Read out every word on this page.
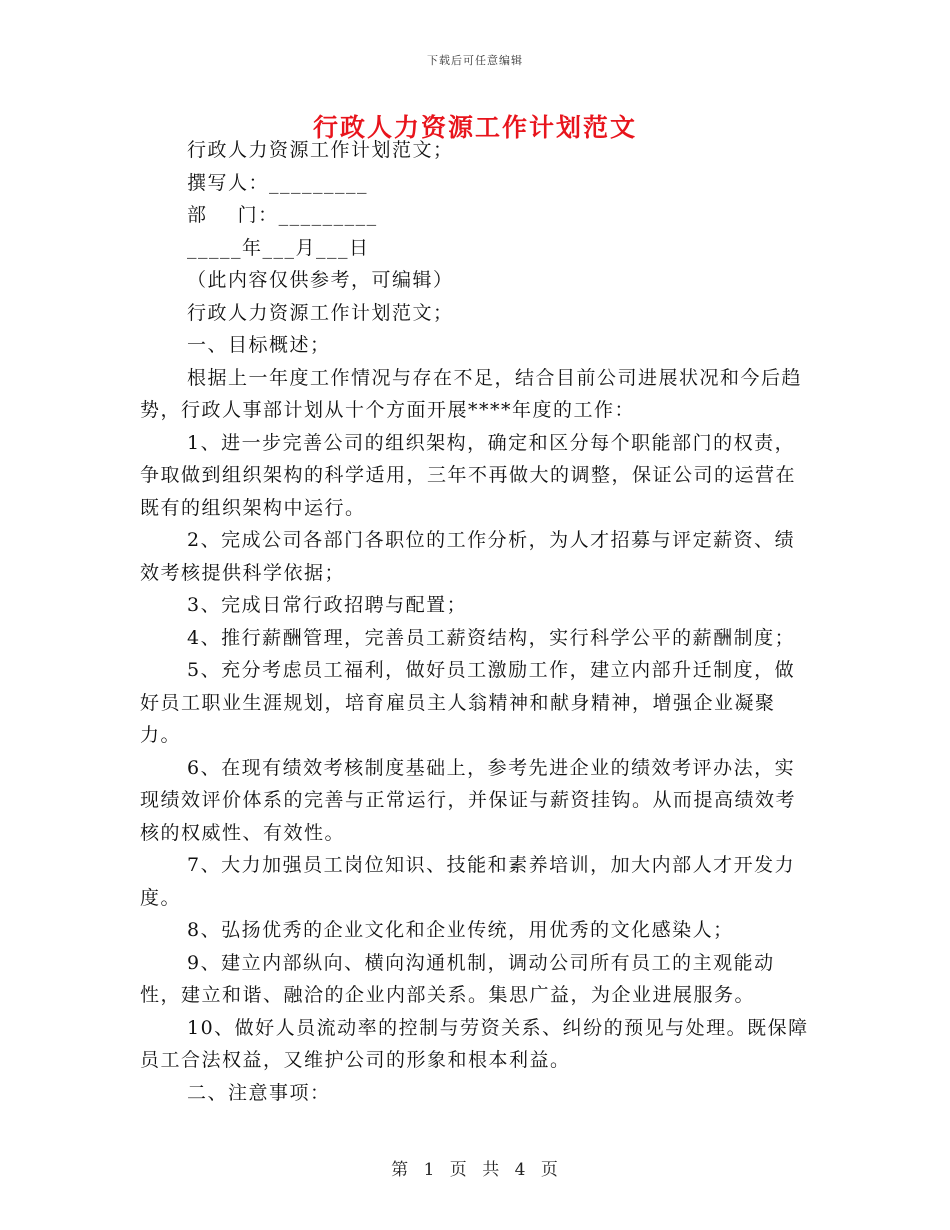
下载后可任意编辑
行政人力资源工作计划范文

行政人力资源工作计划范文；

撰写人：_________

部    门：_________

_____年___月___日

（此内容仅供参考，可编辑）

行政人力资源工作计划范文；

一、目标概述；

根据上一年度工作情况与存在不足，结合目前公司进展状况和今后趋势，行政人事部计划从十个方面开展****年度的工作：

1、进一步完善公司的组织架构，确定和区分每个职能部门的权责，争取做到组织架构的科学适用，三年不再做大的调整，保证公司的运营在既有的组织架构中运行。

2、完成公司各部门各职位的工作分析，为人才招募与评定薪资、绩效考核提供科学依据；

3、完成日常行政招聘与配置；

4、推行薪酬管理，完善员工薪资结构，实行科学公平的薪酬制度；

5、充分考虑员工福利，做好员工激励工作，建立内部升迁制度，做好员工职业生涯规划，培育雇员主人翁精神和献身精神，增强企业凝聚力。

6、在现有绩效考核制度基础上，参考先进企业的绩效考评办法，实现绩效评价体系的完善与正常运行，并保证与薪资挂钩。从而提高绩效考核的权威性、有效性。

7、大力加强员工岗位知识、技能和素养培训，加大内部人才开发力度。

8、弘扬优秀的企业文化和企业传统，用优秀的文化感染人；

9、建立内部纵向、横向沟通机制，调动公司所有员工的主观能动性，建立和谐、融洽的企业内部关系。集思广益，为企业进展服务。

10、做好人员流动率的控制与劳资关系、纠纷的预见与处理。既保障员工合法权益，又维护公司的形象和根本利益。

二、注意事项：

第 1 页 共 4 页
